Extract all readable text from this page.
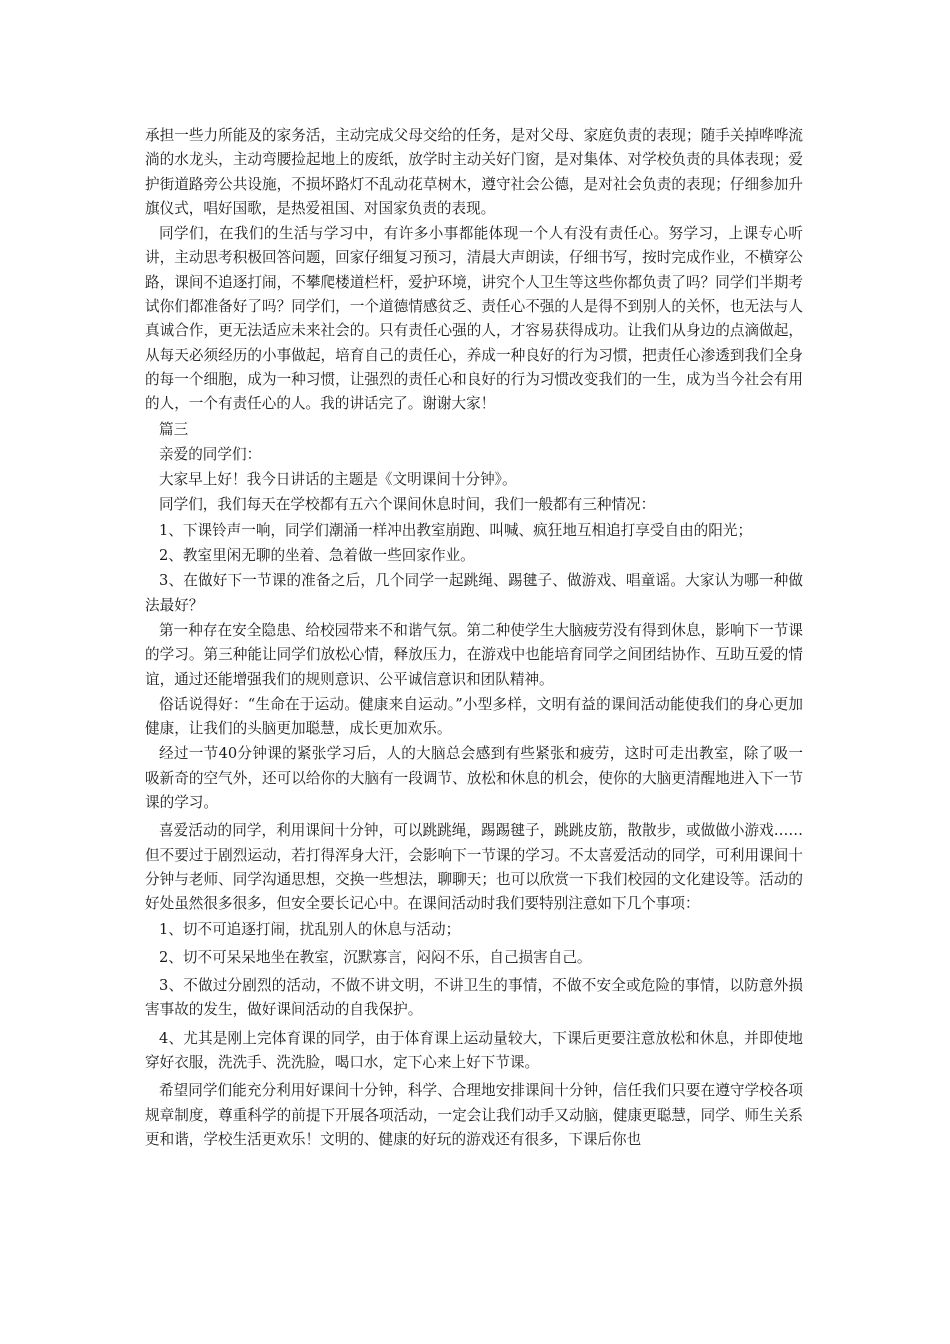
承担一些力所能及的家务活，主动完成父母交给的任务，是对父母、家庭负责的表现；随手关掉哗哗流淌的水龙头，主动弯腰捡起地上的废纸，放学时主动关好门窗，是对集体、对学校负责的具体表现；爱护街道路旁公共设施，不损坏路灯不乱动花草树木，遵守社会公德，是对社会负责的表现；仔细参加升旗仪式，唱好国歌，是热爱祖国、对国家负责的表现。

同学们，在我们的生活与学习中，有许多小事都能体现一个人有没有责任心。努学习，上课专心听讲，主动思考积极回答问题，回家仔细复习预习，清晨大声朗读，仔细书写，按时完成作业，不横穿公路，课间不追逐打闹，不攀爬楼道栏杆，爱护环境，讲究个人卫生等这些你都负责了吗？同学们半期考试你们都准备好了吗？同学们，一个道德情感贫乏、责任心不强的人是得不到别人的关怀，也无法与人真诚合作，更无法适应未来社会的。只有责任心强的人，才容易获得成功。让我们从身边的点滴做起，从每天必须经历的小事做起，培育自己的责任心，养成一种良好的行为习惯，把责任心渗透到我们全身的每一个细胞，成为一种习惯，让强烈的责任心和良好的行为习惯改变我们的一生，成为当今社会有用的人，一个有责任心的人。我的讲话完了。谢谢大家！

篇三

亲爱的同学们：

大家早上好！我今日讲话的主题是《文明课间十分钟》。

同学们，我们每天在学校都有五六个课间休息时间，我们一般都有三种情况：

1、下课铃声一响，同学们潮涌一样冲出教室崩跑、叫喊、疯狂地互相追打享受自由的阳光；

2、教室里闲无聊的坐着、急着做一些回家作业。

3、在做好下一节课的准备之后，几个同学一起跳绳、踢毽子、做游戏、唱童谣。大家认为哪一种做法最好？

第一种存在安全隐患、给校园带来不和谐气氛。第二种使学生大脑疲劳没有得到休息，影响下一节课的学习。第三种能让同学们放松心情，释放压力，在游戏中也能培育同学之间团结协作、互助互爱的情谊，通过还能增强我们的规则意识、公平诚信意识和团队精神。

俗话说得好：“生命在于运动。健康来自运动。”小型多样，文明有益的课间活动能使我们的身心更加健康，让我们的头脑更加聪慧，成长更加欢乐。

经过一节40分钟课的紧张学习后，人的大脑总会感到有些紧张和疲劳，这时可走出教室，除了吸一吸新奇的空气外，还可以给你的大脑有一段调节、放松和休息的机会，使你的大脑更清醒地进入下一节课的学习。

喜爱活动的同学，利用课间十分钟，可以跳跳绳，踢踢毽子，跳跳皮筋，散散步，或做做小游戏……但不要过于剧烈运动，若打得浑身大汗，会影响下一节课的学习。不太喜爱活动的同学，可利用课间十分钟与老师、同学沟通思想，交换一些想法，聊聊天；也可以欣赏一下我们校园的文化建设等。活动的好处虽然很多很多，但安全要长记心中。在课间活动时我们要特别注意如下几个事项：

1、切不可追逐打闹，扰乱别人的休息与活动；

2、切不可呆呆地坐在教室，沉默寡言，闷闷不乐，自己损害自己。

3、不做过分剧烈的活动，不做不讲文明，不讲卫生的事情，不做不安全或危险的事情，以防意外损害事故的发生，做好课间活动的自我保护。

4、尤其是刚上完体育课的同学，由于体育课上运动量较大，下课后更要注意放松和休息，并即使地穿好衣服，洗洗手、洗洗脸，喝口水，定下心来上好下节课。

希望同学们能充分利用好课间十分钟，科学、合理地安排课间十分钟，信任我们只要在遵守学校各项规章制度，尊重科学的前提下开展各项活动，一定会让我们动手又动脑，健康更聪慧，同学、师生关系更和谐，学校生活更欢乐！文明的、健康的好玩的游戏还有很多，下课后你也
